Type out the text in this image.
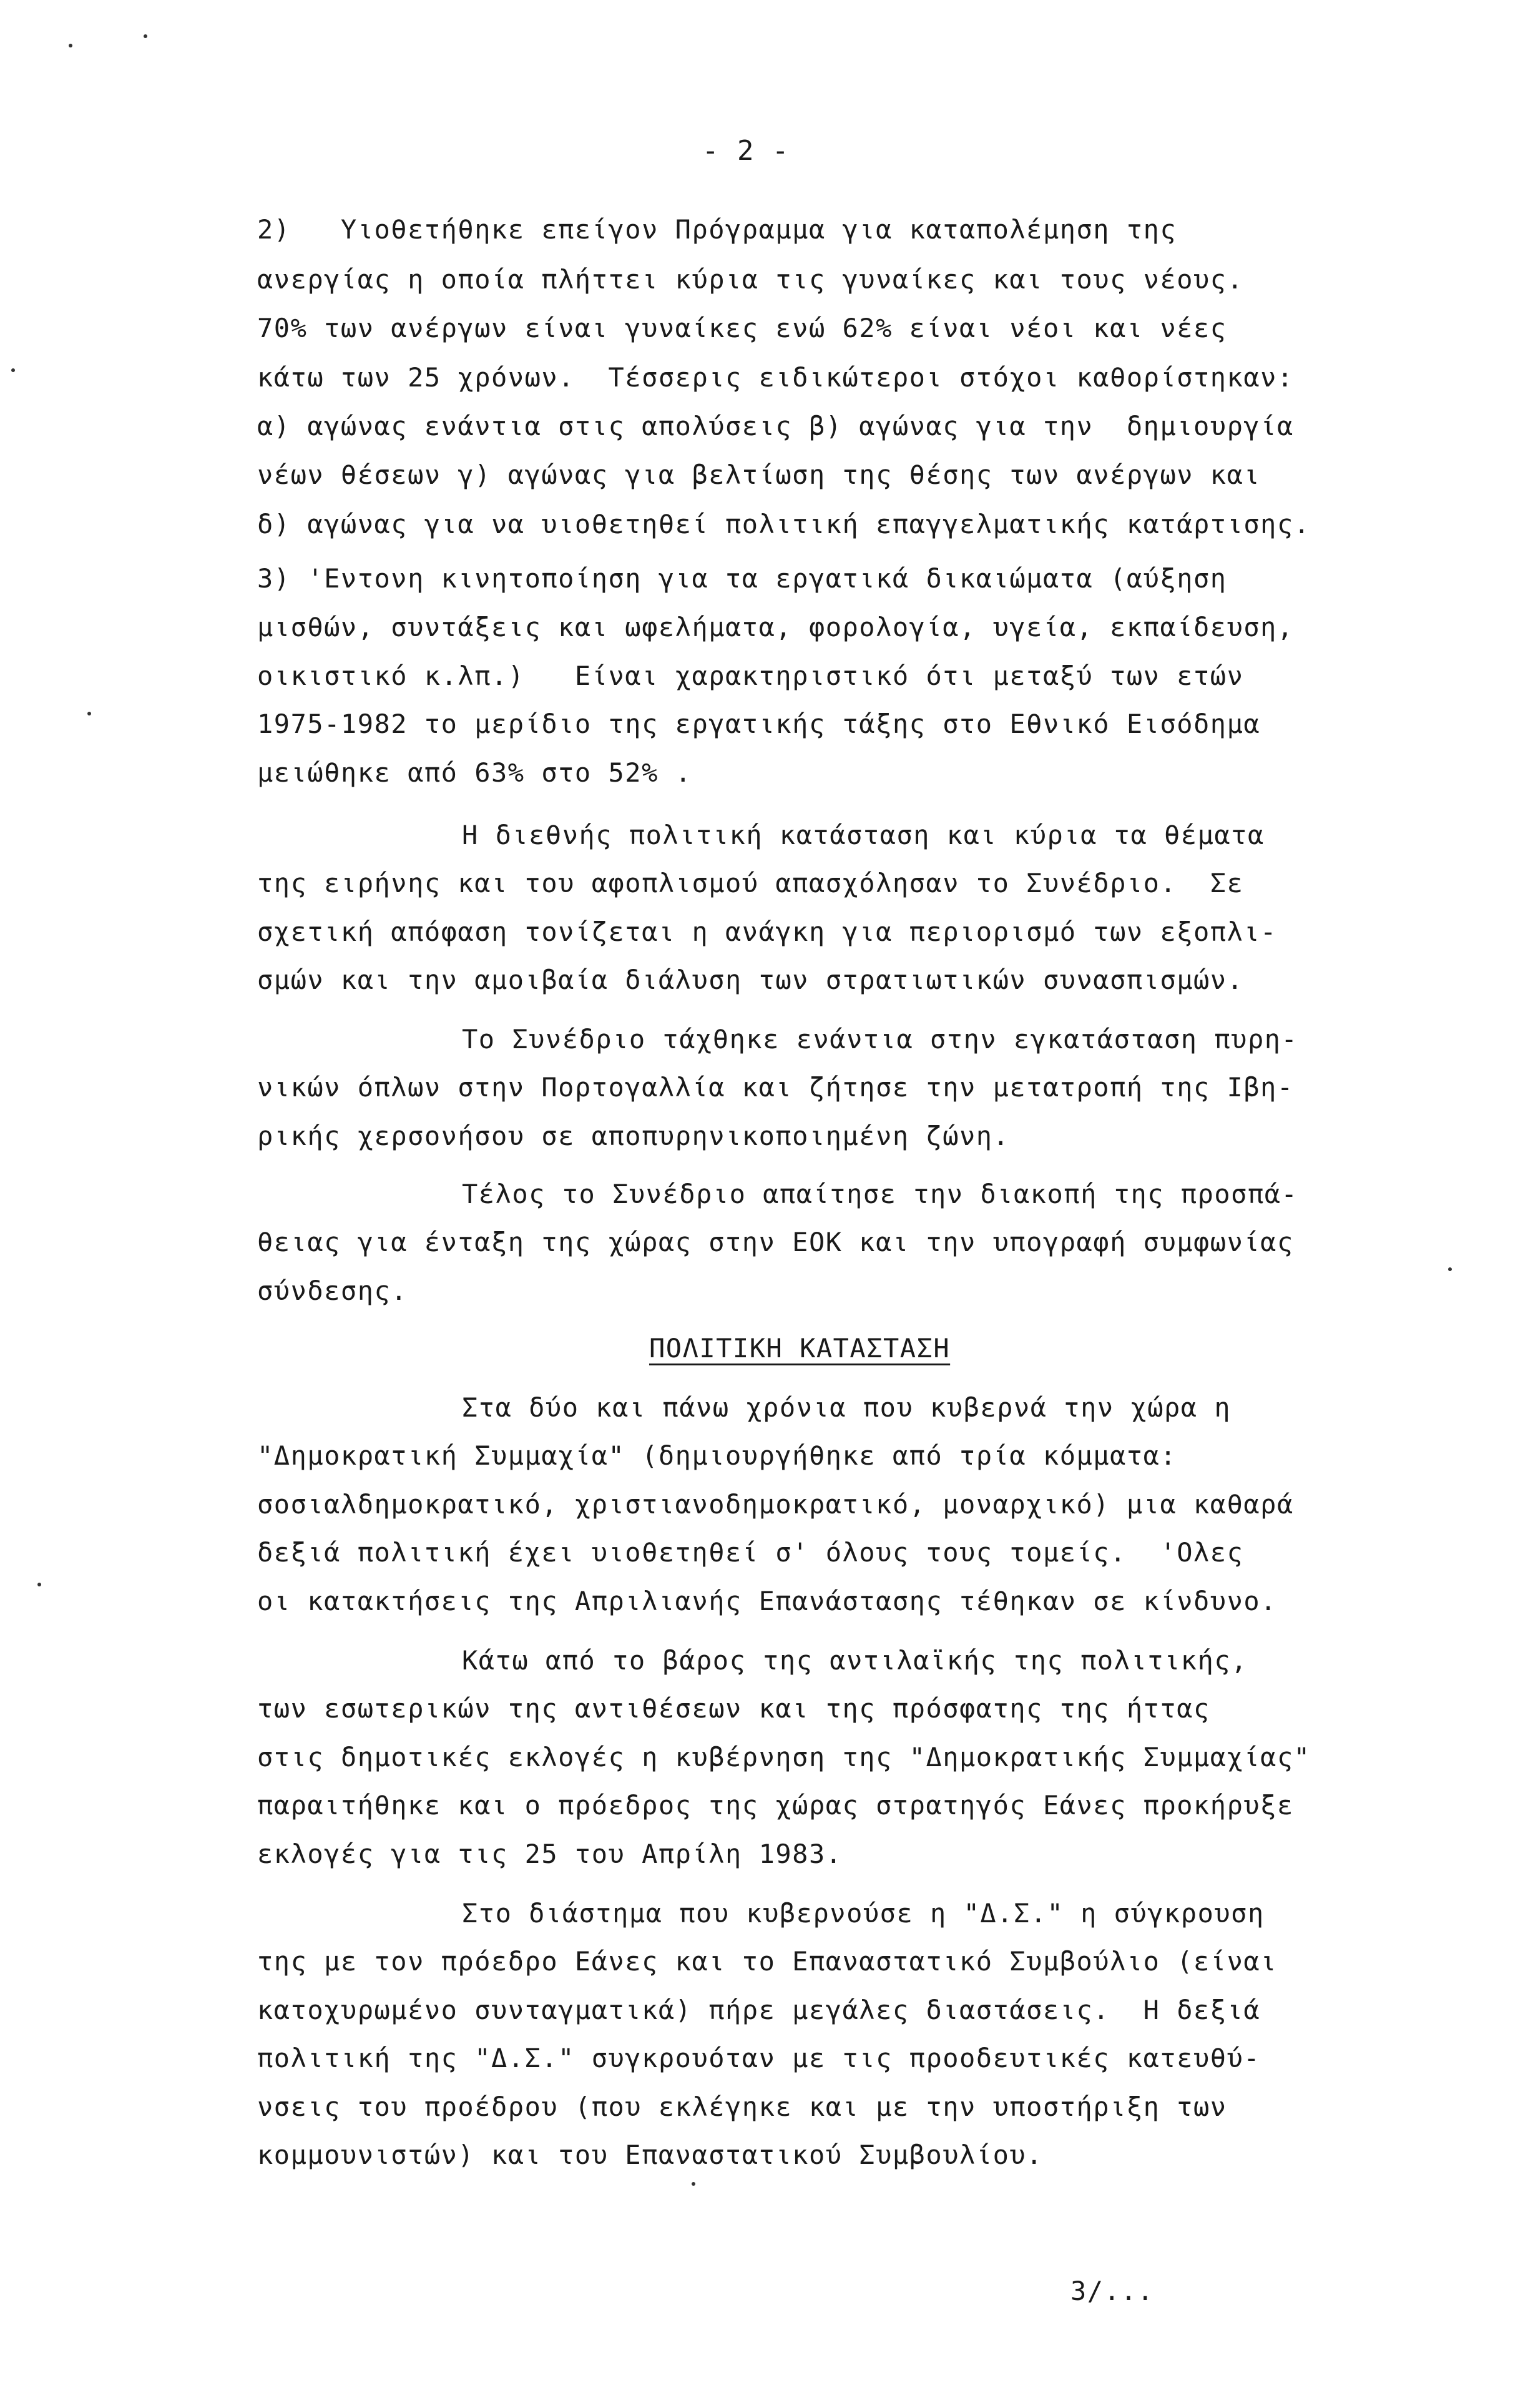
- 2 -
2)   Υιοθετήθηκε επείγον Πρόγραμμα για καταπολέμηση της
ανεργίας η οποία πλήττει κύρια τις γυναίκες και τους νέους.
70% των ανέργων είναι γυναίκες ενώ 62% είναι νέοι και νέες
κάτω των 25 χρόνων.  Τέσσερις ειδικώτεροι στόχοι καθορίστηκαν:
α) αγώνας ενάντια στις απολύσεις β) αγώνας για την  δημιουργία
νέων θέσεων γ) αγώνας για βελτίωση της θέσης των ανέργων και
δ) αγώνας για να υιοθετηθεί πολιτική επαγγελματικής κατάρτισης.
3) 'Εντονη κινητοποίηση για τα εργατικά δικαιώματα (αύξηση
μισθών, συντάξεις και ωφελήματα, φορολογία, υγεία, εκπαίδευση,
οικιστικό κ.λπ.)   Είναι χαρακτηριστικό ότι μεταξύ των ετών
1975-1982 το μερίδιο της εργατικής τάξης στο Εθνικό Εισόδημα
μειώθηκε από 63% στο 52% .
Η διεθνής πολιτική κατάσταση και κύρια τα θέματα
της ειρήνης και του αφοπλισμού απασχόλησαν το Συνέδριο.  Σε
σχετική απόφαση τονίζεται η ανάγκη για περιορισμό των εξοπλι-
σμών και την αμοιβαία διάλυση των στρατιωτικών συνασπισμών.
Το Συνέδριο τάχθηκε ενάντια στην εγκατάσταση πυρη-
νικών όπλων στην Πορτογαλλία και ζήτησε την μετατροπή της Ιβη-
ρικής χερσονήσου σε αποπυρηνικοποιημένη ζώνη.
Τέλος το Συνέδριο απαίτησε την διακοπή της προσπά-
θειας για ένταξη της χώρας στην ΕΟΚ και την υπογραφή συμφωνίας
σύνδεσης.
ΠΟΛΙΤΙΚΗ ΚΑΤΑΣΤΑΣΗ
Στα δύο και πάνω χρόνια που κυβερνά την χώρα η
"Δημοκρατική Συμμαχία" (δημιουργήθηκε από τρία κόμματα:
σοσιαλδημοκρατικό, χριστιανοδημοκρατικό, μοναρχικό) μια καθαρά
δεξιά πολιτική έχει υιοθετηθεί σ' όλους τους τομείς.  'Ολες
οι κατακτήσεις της Απριλιανής Επανάστασης τέθηκαν σε κίνδυνο.
Κάτω από το βάρος της αντιλαϊκής της πολιτικής,
των εσωτερικών της αντιθέσεων και της πρόσφατης της ήττας
στις δημοτικές εκλογές η κυβέρνηση της "Δημοκρατικής Συμμαχίας"
παραιτήθηκε και ο πρόεδρος της χώρας στρατηγός Εάνες προκήρυξε
εκλογές για τις 25 του Απρίλη 1983.
Στο διάστημα που κυβερνούσε η "Δ.Σ." η σύγκρουση
της με τον πρόεδρο Εάνες και το Επαναστατικό Συμβούλιο (είναι
κατοχυρωμένο συνταγματικά) πήρε μεγάλες διαστάσεις.  Η δεξιά
πολιτική της "Δ.Σ." συγκρουόταν με τις προοδευτικές κατευθύ-
νσεις του προέδρου (που εκλέγηκε και με την υποστήριξη των
κομμουνιστών) και του Επαναστατικού Συμβουλίου.
3/...
